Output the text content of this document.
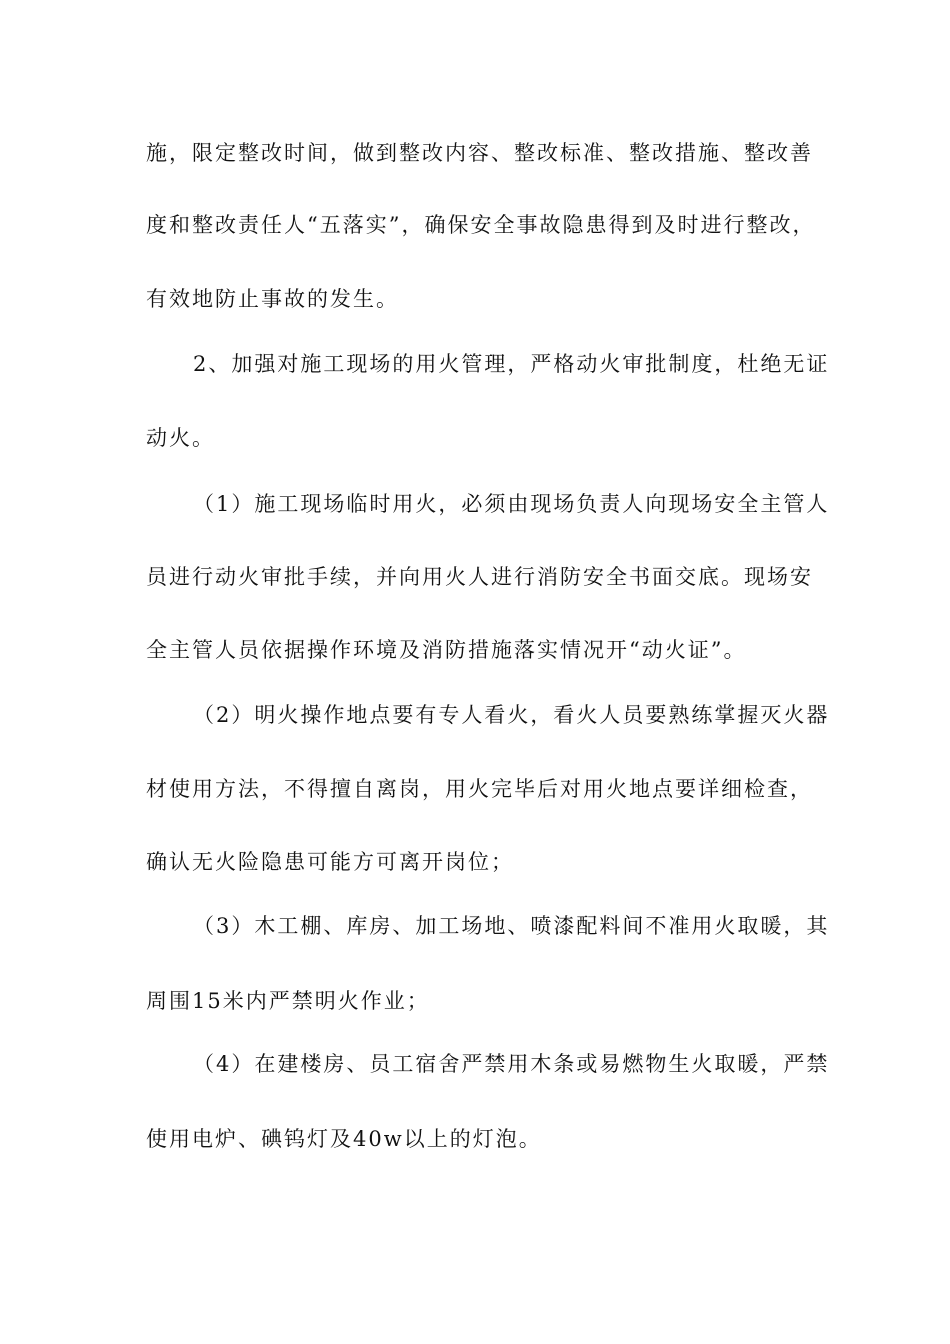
施，限定整改时间，做到整改内容、整改标准、整改措施、整改善
度和整改责任人“五落实”，确保安全事故隐患得到及时进行整改，
有效地防止事故的发生。
2、加强对施工现场的用火管理，严格动火审批制度，杜绝无证
动火。
（1）施工现场临时用火，必须由现场负责人向现场安全主管人
员进行动火审批手续，并向用火人进行消防安全书面交底。现场安
全主管人员依据操作环境及消防措施落实情况开“动火证”。
（2）明火操作地点要有专人看火，看火人员要熟练掌握灭火器
材使用方法，不得擅自离岗，用火完毕后对用火地点要详细检查，
确认无火险隐患可能方可离开岗位；
（3）木工棚、库房、加工场地、喷漆配料间不准用火取暖，其
周围15米内严禁明火作业；
（4）在建楼房、员工宿舍严禁用木条或易燃物生火取暖，严禁
使用电炉、碘钨灯及40w以上的灯泡。
